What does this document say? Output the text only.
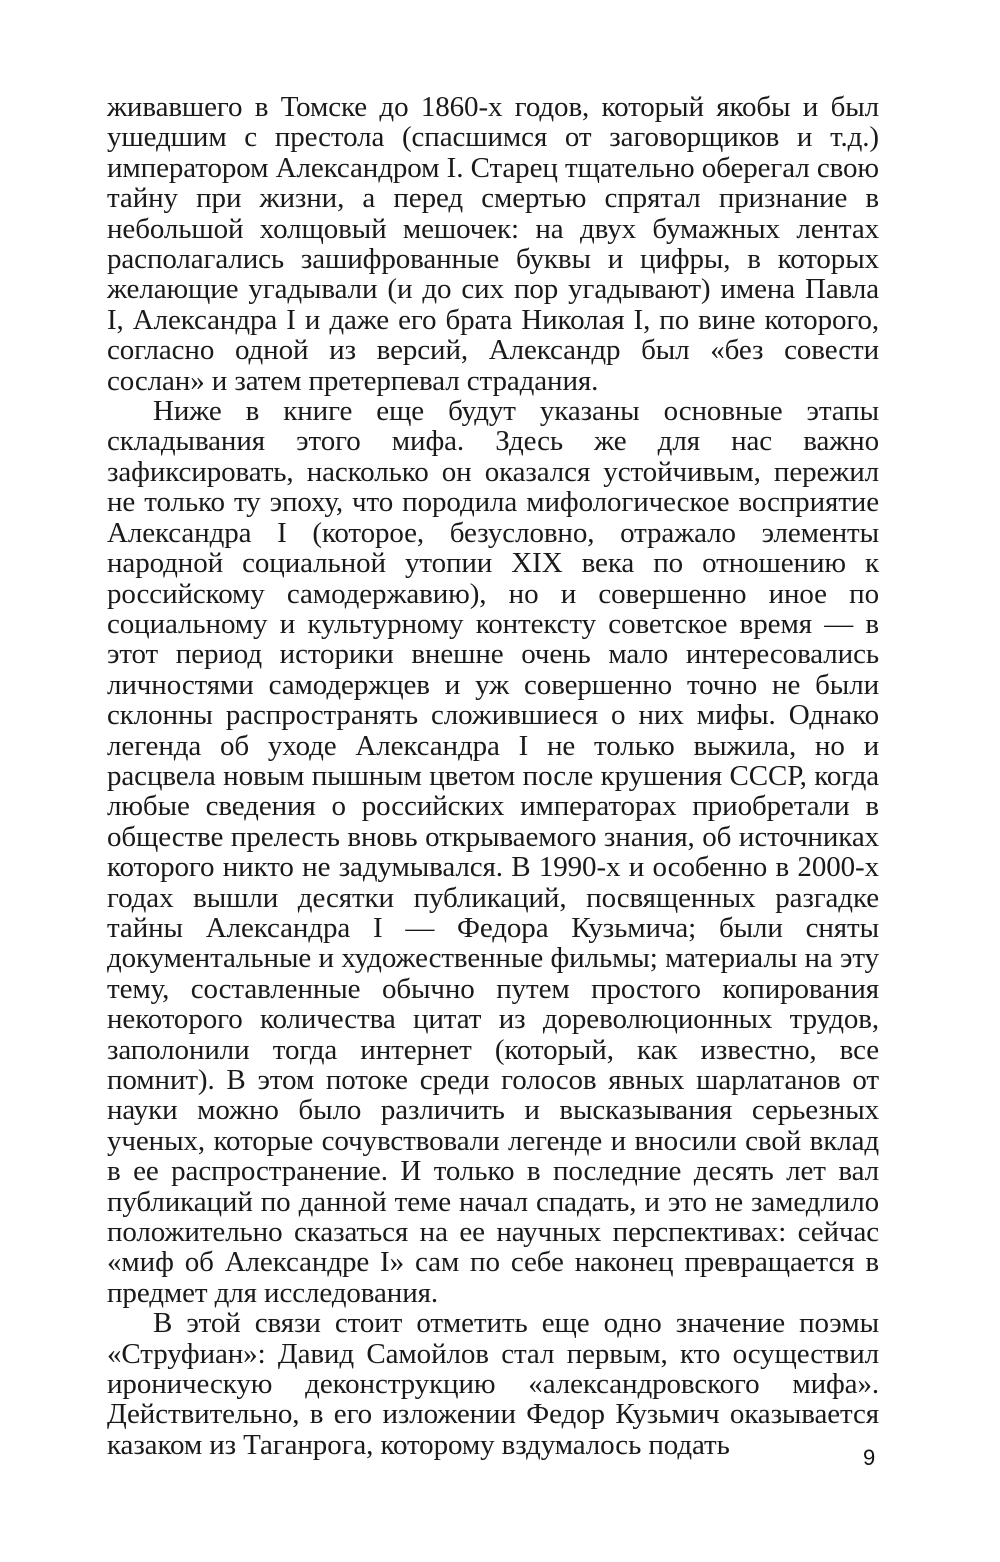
живавшего в Томске до 1860-х годов, который якобы и был ушедшим с престола (спасшимся от заговорщиков и т.д.) императором Александром I. Старец тщательно оберегал свою тайну при жизни, а перед смертью спрятал признание в небольшой холщовый мешочек: на двух бумажных лентах располагались зашифрованные буквы и цифры, в которых желающие угадывали (и до сих пор угадывают) имена Павла I, Александра I и даже его брата Николая I, по вине которого, согласно одной из версий, Александр был «без совести сослан» и затем претерпевал страдания.

Ниже в книге еще будут указаны основные этапы складывания этого мифа. Здесь же для нас важно зафиксировать, насколько он оказался устойчивым, пережил не только ту эпоху, что породила мифологическое восприятие Александра I (которое, безусловно, отражало элементы народной социальной утопии XIX века по отношению к российскому самодержавию), но и совершенно иное по социальному и культурному контексту советское время — в этот период историки внешне очень мало интересовались личностями самодержцев и уж совершенно точно не были склонны распространять сложившиеся о них мифы. Однако легенда об уходе Александра I не только выжила, но и расцвела новым пышным цветом после крушения СССР, когда любые сведения о российских императорах приобретали в обществе прелесть вновь открываемого знания, об источниках которого никто не задумывался. В 1990-х и особенно в 2000-х годах вышли десятки публикаций, посвященных разгадке тайны Александра I — Федора Кузьмича; были сняты документальные и художественные фильмы; материалы на эту тему, составленные обычно путем простого копирования некоторого количества цитат из дореволюционных трудов, заполонили тогда интернет (который, как известно, все помнит). В этом потоке среди голосов явных шарлатанов от науки можно было различить и высказывания серьезных ученых, которые сочувствовали легенде и вносили свой вклад в ее распространение. И только в последние десять лет вал публикаций по данной теме начал спадать, и это не замедлило положительно сказаться на ее научных перспективах: сейчас «миф об Александре I» сам по себе наконец превращается в предмет для исследования.

В этой связи стоит отметить еще одно значение поэмы «Струфиан»: Давид Самойлов стал первым, кто осуществил ироническую деконструкцию «александровского мифа». Действительно, в его изложении Федор Кузьмич оказывается казаком из Таганрога, которому вздумалось подать	9
